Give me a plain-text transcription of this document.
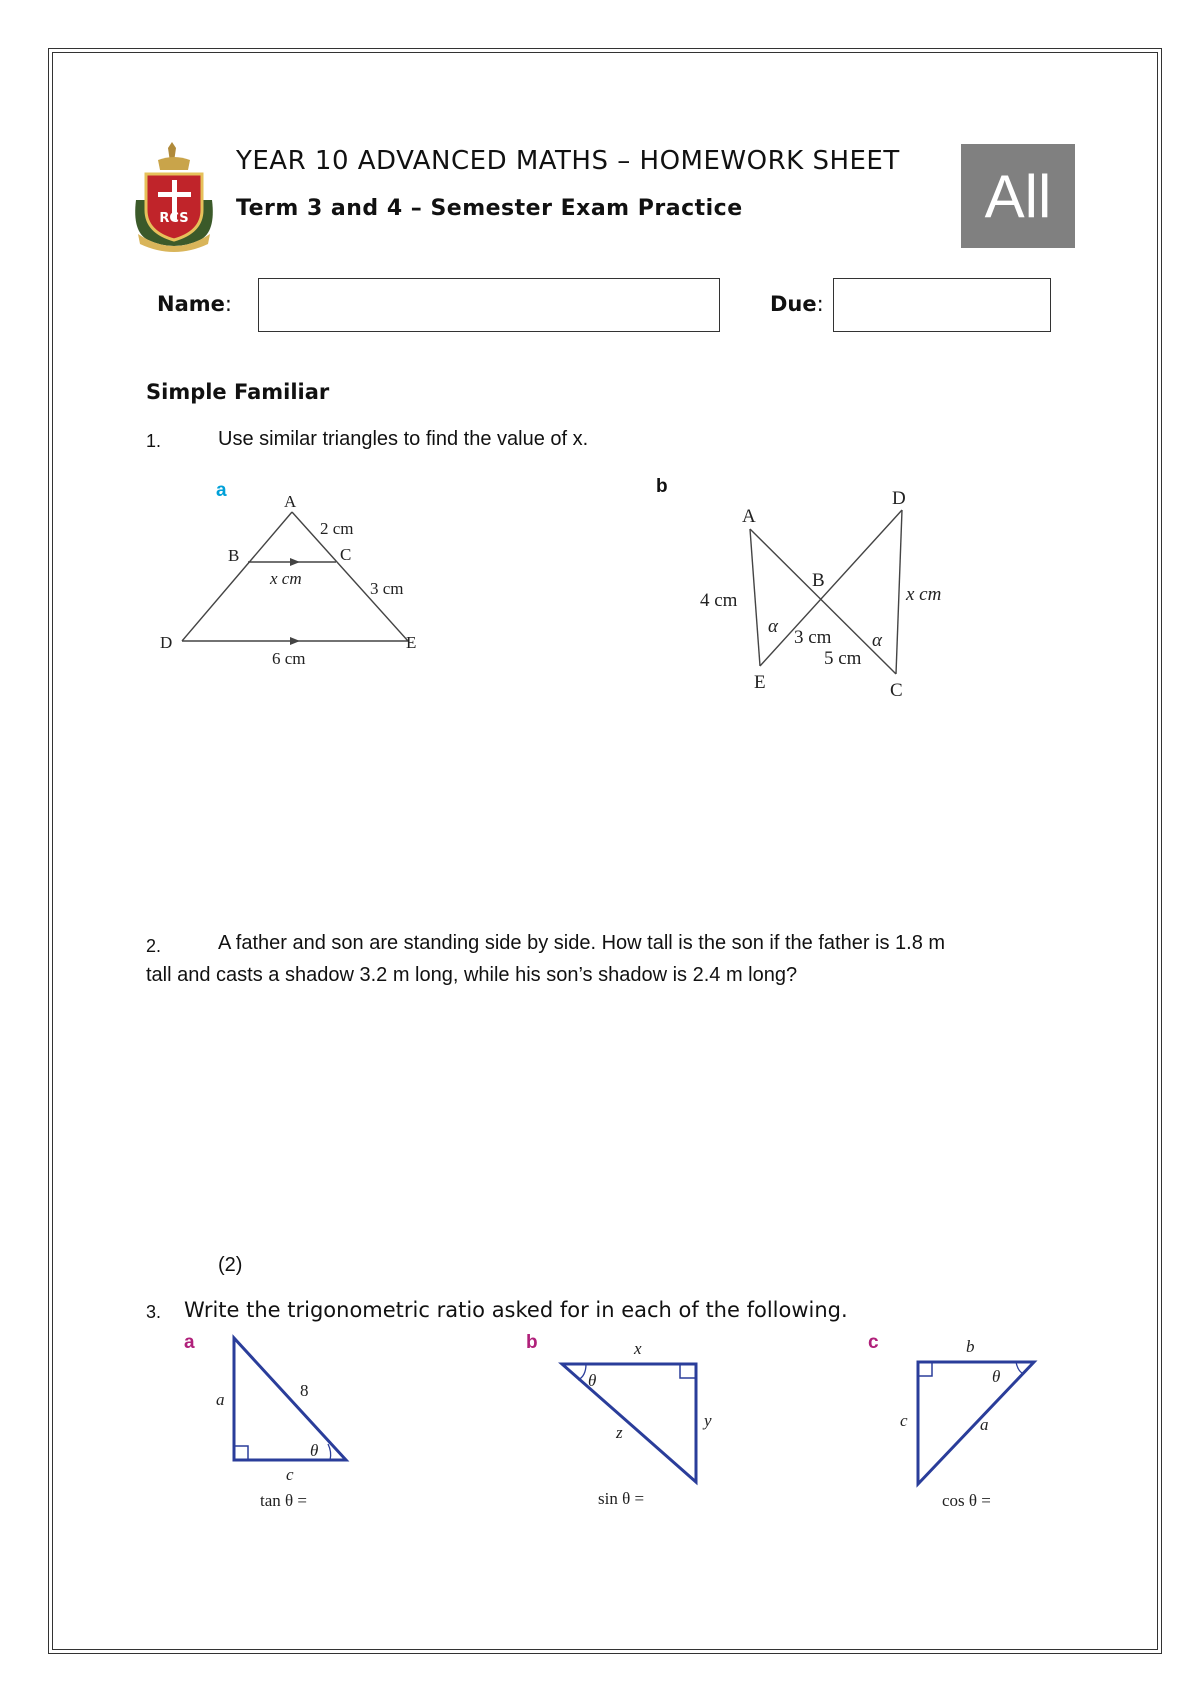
RCS
YEAR 10 ADVANCED MATHS – HOMEWORK SHEET
Term 3 and 4 – Semester Exam Practice	All
Name:	Due:
Simple Familiar
1.	Use similar triangles to find the value of x.
a	b
A
B	C
D	E
2 cm
x cm
3 cm
6 cm
A
B
C
D
E
4 cm	x cm
3 cm
5 cm
α
α
2.	A father and son are standing side by side. How tall is the son if the father is 1.8 m
tall and casts a shadow 3.2 m long, while his son’s shadow is 2.4 m long?
(2)
3. Write the trigonometric ratio asked for in each of the following.
a	b	c
a	8
c
θ
tan θ =
x
y
z
θ
sin θ =
b
c	a
θ
cos θ =
